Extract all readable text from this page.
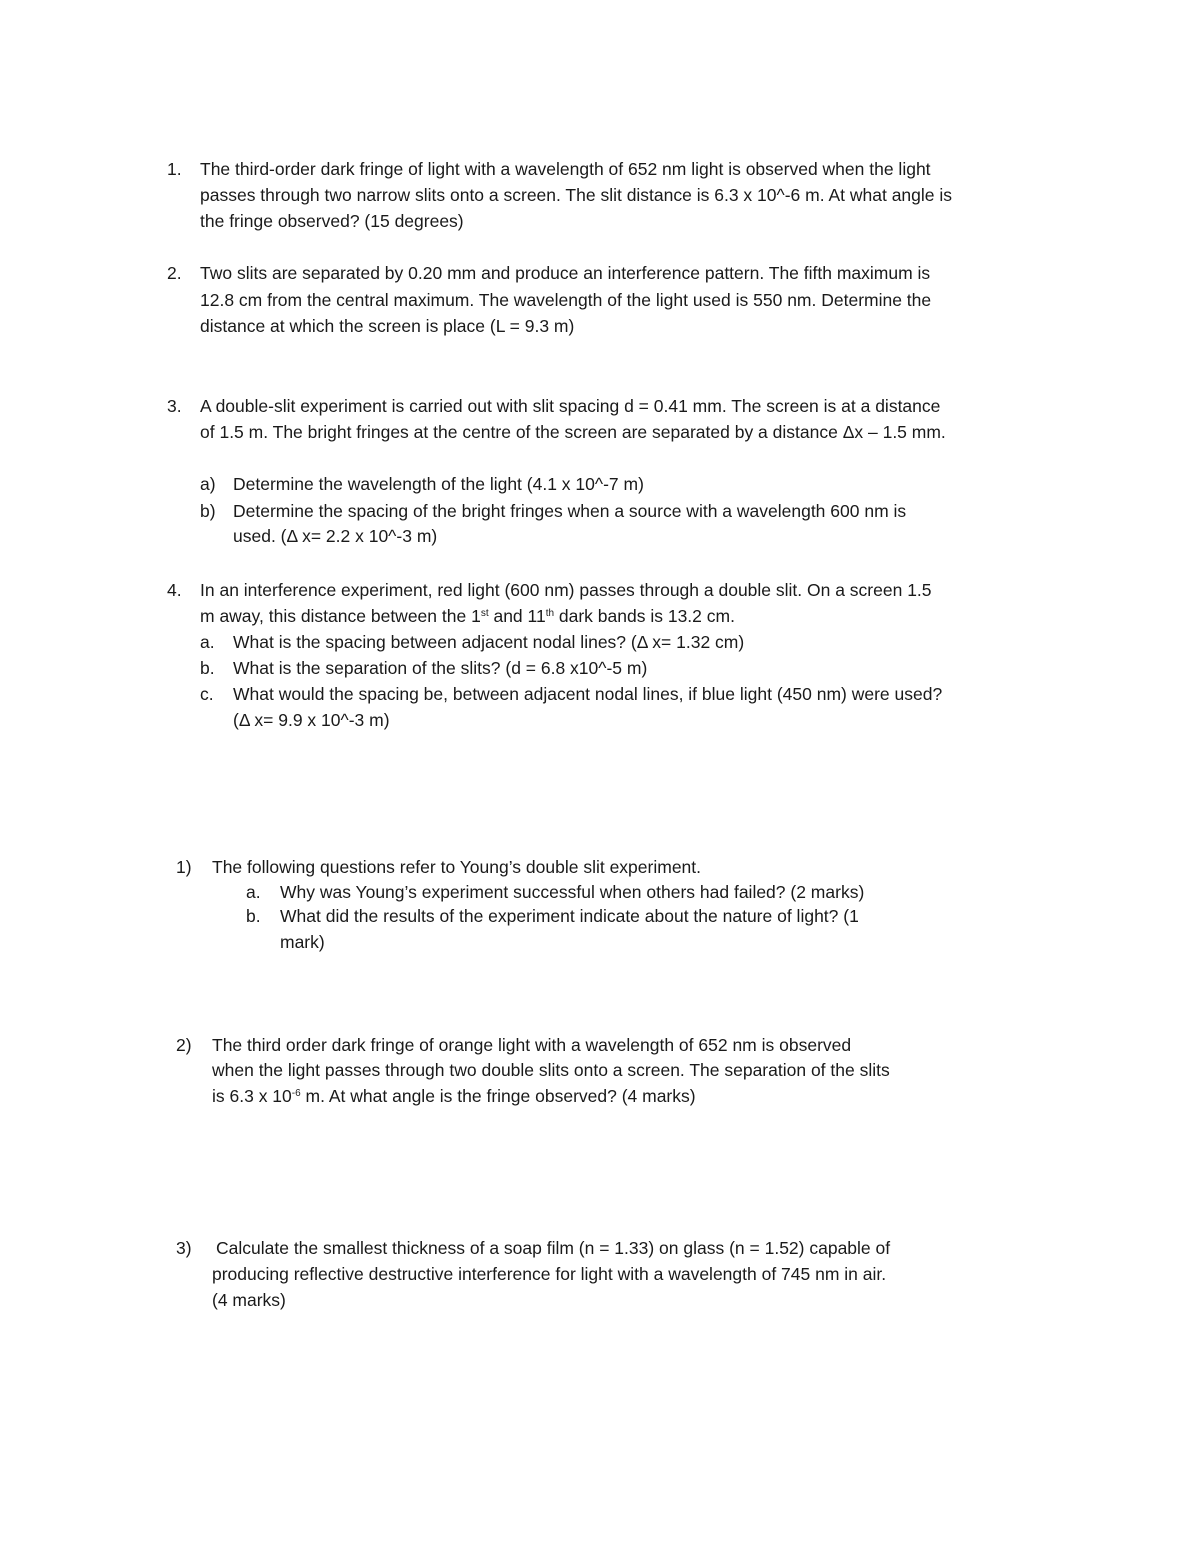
1. The third-order dark fringe of light with a wavelength of 652 nm light is observed when the light
passes through two narrow slits onto a screen. The slit distance is 6.3 x 10^-6 m. At what angle is
the fringe observed? (15 degrees)
2. Two slits are separated by 0.20 mm and produce an interference pattern. The fifth maximum is
12.8 cm from the central maximum. The wavelength of the light used is 550 nm. Determine the
distance at which the screen is place (L = 9.3 m)
3. A double-slit experiment is carried out with slit spacing d = 0.41 mm. The screen is at a distance
of 1.5 m. The bright fringes at the centre of the screen are separated by a distance Δx – 1.5 mm.
a) Determine the wavelength of the light (4.1 x 10^-7 m)
b) Determine the spacing of the bright fringes when a source with a wavelength 600 nm is
used. (Δ x= 2.2 x 10^-3 m)
4. In an interference experiment, red light (600 nm) passes through a double slit. On a screen 1.5
m away, this distance between the 1st and 11th dark bands is 13.2 cm.
a. What is the spacing between adjacent nodal lines? (Δ x= 1.32 cm)
b. What is the separation of the slits? (d = 6.8 x10^-5 m)
c. What would the spacing be, between adjacent nodal lines, if blue light (450 nm) were used?
(Δ x= 9.9 x 10^-3 m)
1) The following questions refer to Young’s double slit experiment.
a. Why was Young’s experiment successful when others had failed? (2 marks)
b. What did the results of the experiment indicate about the nature of light? (1
mark)
2) The third order dark fringe of orange light with a wavelength of 652 nm is observed
when the light passes through two double slits onto a screen. The separation of the slits
is 6.3 x $10^{-6}$ m. At what angle is the fringe observed? (4 marks)
3) Calculate the smallest thickness of a soap film (n = 1.33) on glass (n = 1.52) capable of
producing reflective destructive interference for light with a wavelength of 745 nm in air.
(4 marks)
